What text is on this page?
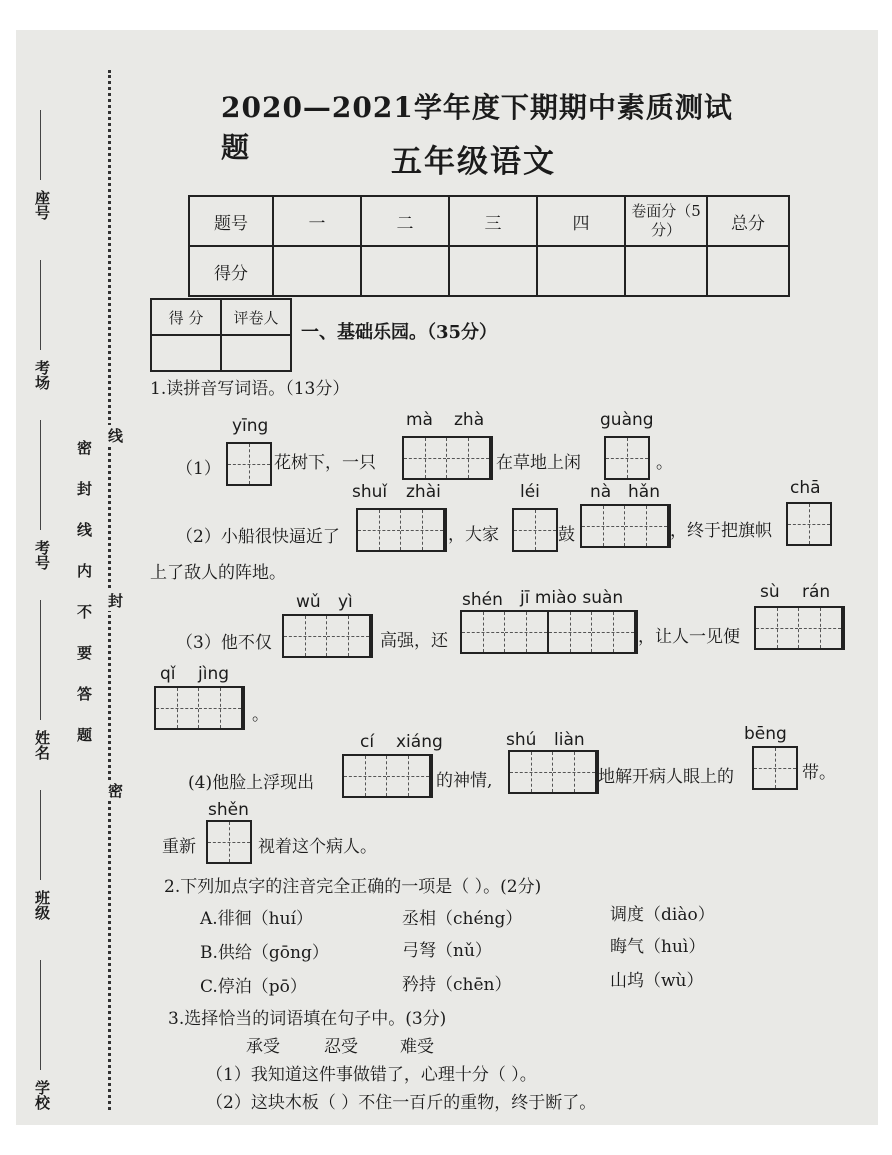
座号
考场
考号
姓名
班级
学校
密封线内不要答题
线
封
密
2020—2021学年度下期期中素质测试题	五年级语文
题号	一	二	三	四	卷面分（5分）	总分
得分						
得 分	评卷人

一、基础乐园。（35分）
1.读拼音写词语。（13分）
yīng	mà zhà	guàng
（1）	花树下，一只	在草地上闲	。
shuǐ zhài	léi	nà hǎn	chā
（2）小船很快逼近了	，大家	鼓	，终于把旗帜
上了敌人的阵地。
wǔ yì	shén jī miào suàn	sù rán
（3）他不仅	高强，还	，让人一见便
qǐ jìng
。
cí xiáng	shú liàn	bēng
(4)他脸上浮现出	的神情,	地解开病人眼上的	带。
shěn
重新	视着这个病人。
2.下列加点字的注音完全正确的一项是（ ）。(2分)
A.徘徊（huí）	丞相（chéng）	调度（diào）
B.供给（gōng）	弓弩（nǔ）	晦气（huì）
C.停泊（pō）	矜持（chēn）	山坞（wù）
3.选择恰当的词语填在句子中。(3分)
承受	忍受 难受
（1）我知道这件事做错了，心理十分（ ）。
（2）这块木板（ ）不住一百斤的重物，终于断了。
